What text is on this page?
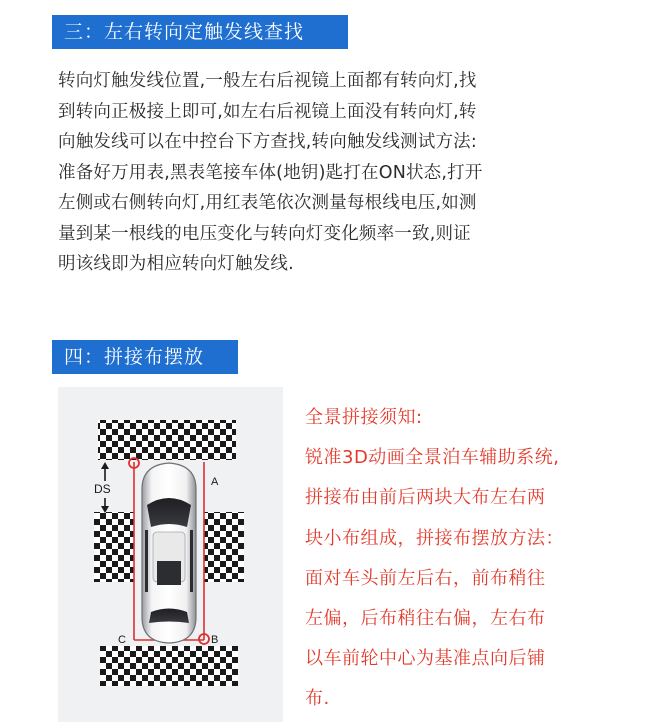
三：左右转向定触发线查找
转向灯触发线位置,一般左右后视镜上面都有转向灯,找
到转向正极接上即可,如左右后视镜上面没有转向灯,转
向触发线可以在中控台下方查找,转向触发线测试方法:
准备好万用表,黑表笔接车体(地钥)匙打在ON状态,打开
左侧或右侧转向灯,用红表笔依次测量每根线电压,如测
量到某一根线的电压变化与转向灯变化频率一致,则证
明该线即为相应转向灯触发线.
四：拼接布摆放
DS	A
B
C
全景拼接须知:
锐准3D动画全景泊车辅助系统,
拼接布由前后两块大布左右两
块小布组成，拼接布摆放方法：
面对车头前左后右，前布稍往
左偏，后布稍往右偏，左右布
以车前轮中心为基准点向后铺
布.
